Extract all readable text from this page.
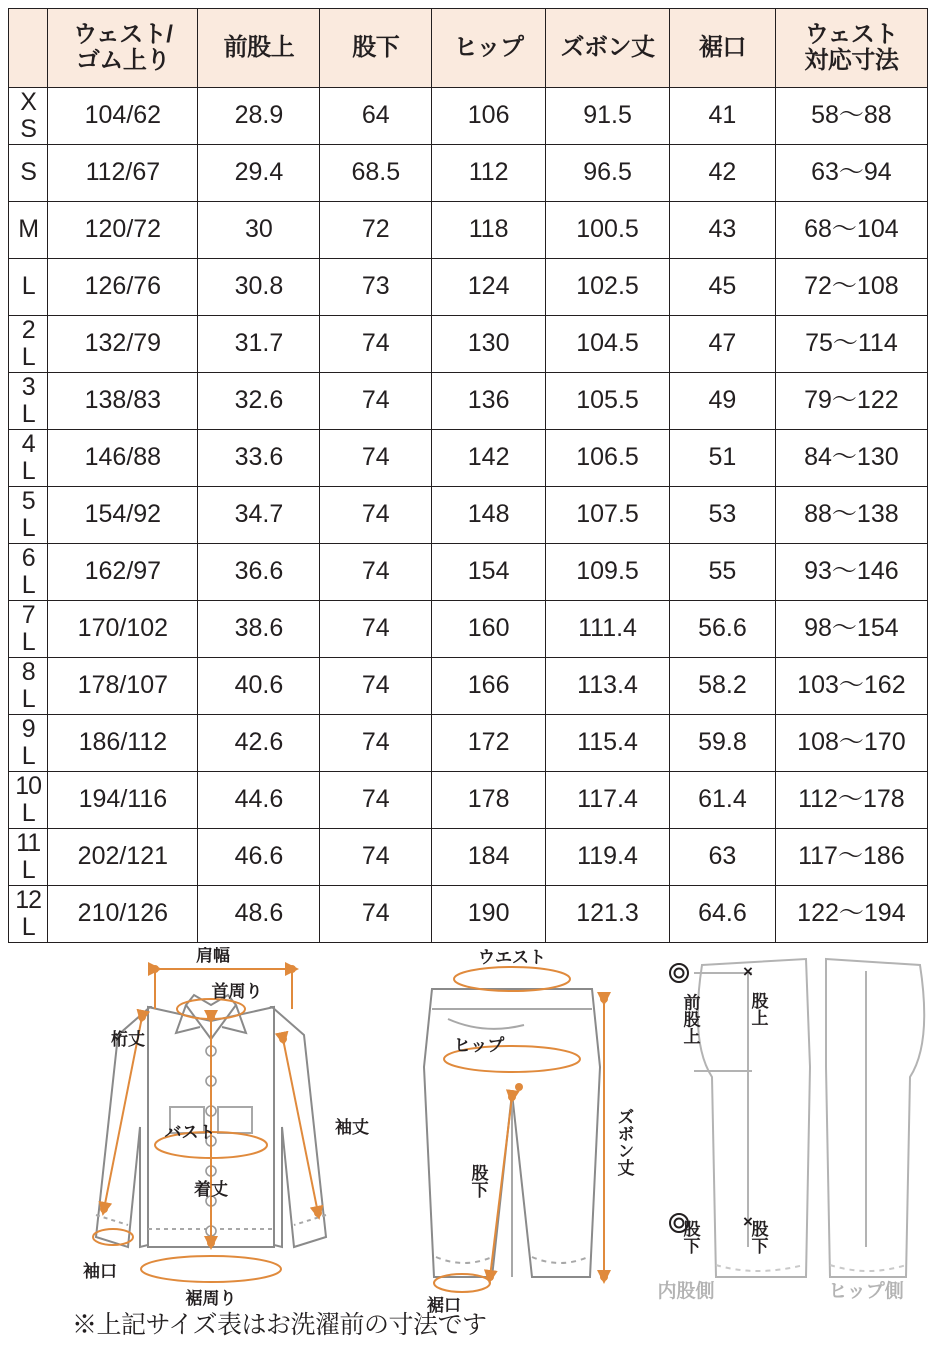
	ウェスト/
ゴム上り	前股上	股下	ヒップ	ズボン丈	裾口	ウェスト
対応寸法

X
S	104/62	28.9	64	106	91.5	41	58〜88

S	112/67	29.4	68.5	112	96.5	42	63〜94

M	120/72	30	72	118	100.5	43	68〜104

L	126/76	30.8	73	124	102.5	45	72〜108

2
L	132/79	31.7	74	130	104.5	47	75〜114

3
L	138/83	32.6	74	136	105.5	49	79〜122

4
L	146/88	33.6	74	142	106.5	51	84〜130

5
L	154/92	34.7	74	148	107.5	53	88〜138

6
L	162/97	36.6	74	154	109.5	55	93〜146

7
L	170/102	38.6	74	160	111.4	56.6	98〜154

8
L	178/107	40.6	74	166	113.4	58.2	103〜162

9
L	186/112	42.6	74	172	115.4	59.8	108〜170

10
L	194/116	44.6	74	178	117.4	61.4	112〜178

11
L	202/121	46.6	74	184	119.4	63	117〜186

12
L	210/126	48.6	74	190	121.3	64.6	122〜194
肩幅
首周り
桁丈
バスト	袖丈
着丈
袖口
裾周り
ウエスト
ヒップ
ズボン丈
股下
裾口
×
×
前股上	股上
股下	股下
内股側	ヒップ側
※上記サイズ表はお洗濯前の寸法です
